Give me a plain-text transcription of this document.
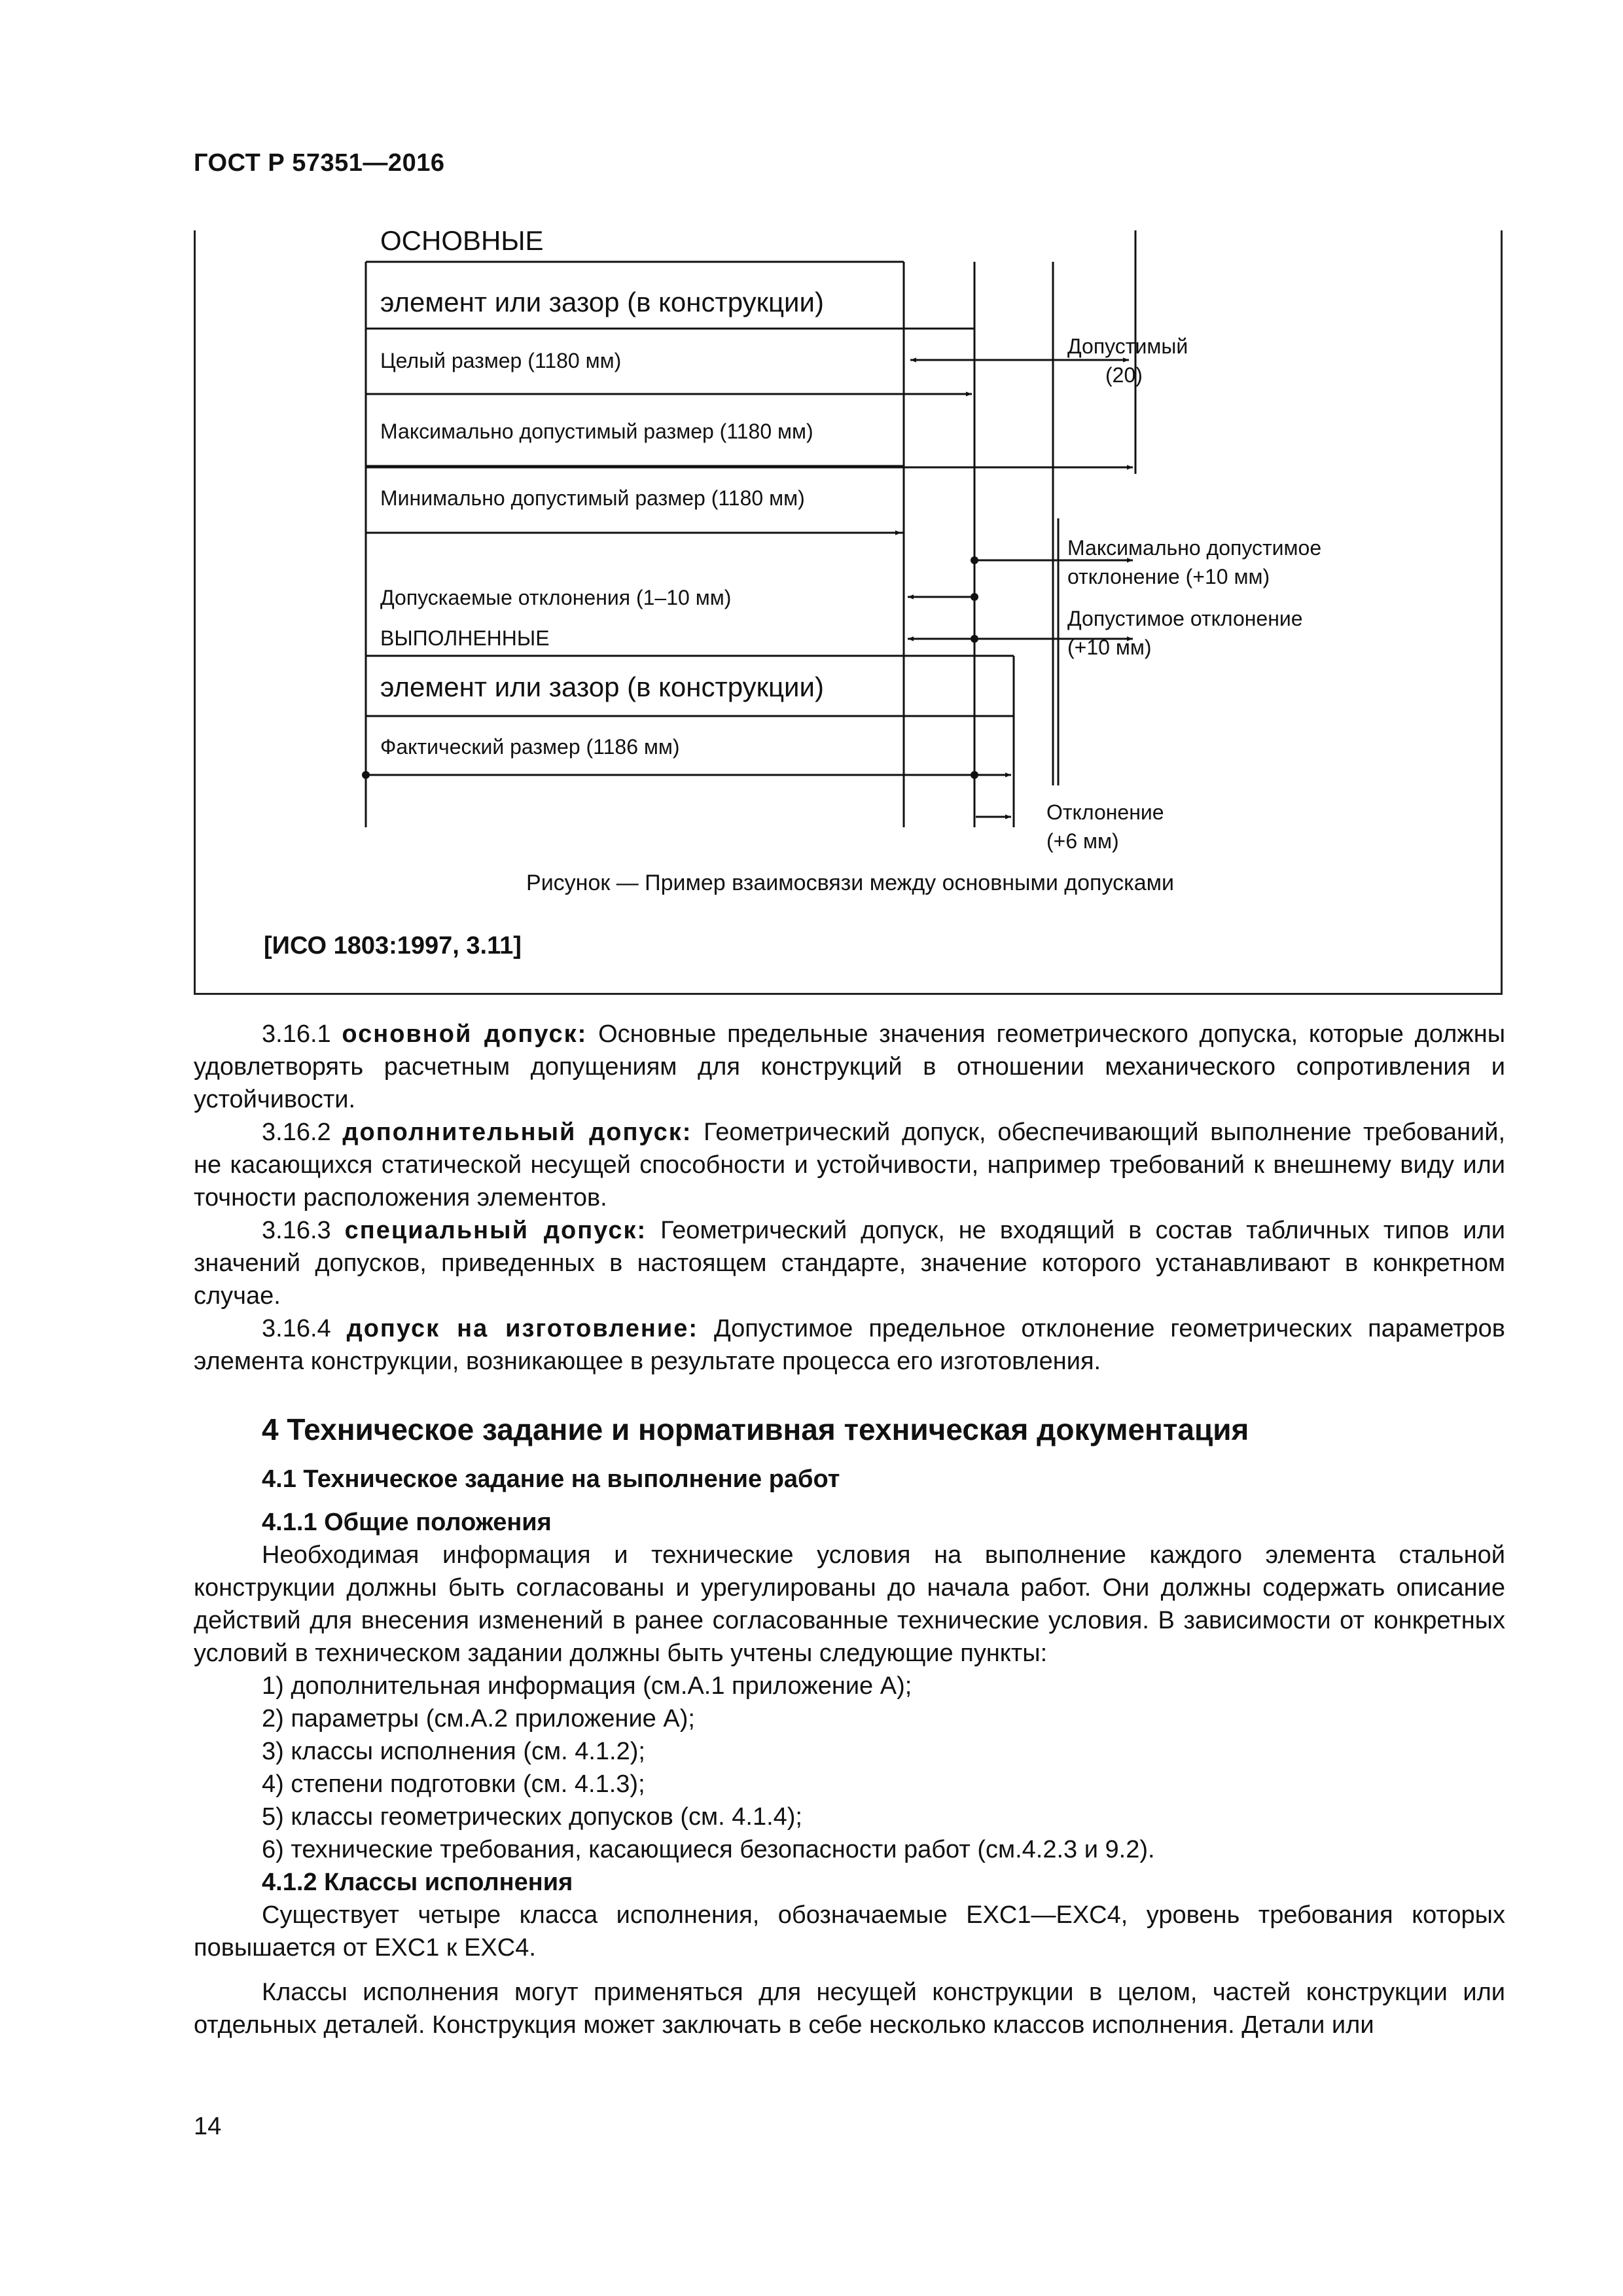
ГОСТ Р 57351—2016
ОСНОВНЫЕ
элемент или зазор (в конструкции)
Целый размер (1180 мм)
Максимально допустимый размер (1180 мм)
Минимально допустимый размер (1180 мм)
Допускаемые отклонения (1–10 мм)
ВЫПОЛНЕННЫЕ
элемент или зазор (в конструкции)
Фактический размер (1186 мм)
Допустимый
(20)
Максимально допустимое
отклонение (+10 мм)
Допустимое отклонение
(+10 мм)
Отклонение
(+6 мм)
Рисунок — Пример взаимосвязи между основными допусками
[ИСО 1803:1997, 3.11]

3.16.1 основной допуск: Основные предельные значения геометрического допуска, которые должны удовлетворять расчетным допущениям для конструкций в отношении механического сопротивления и устойчивости.

3.16.2 дополнительный допуск: Геометрический допуск, обеспечивающий выполнение требований, не касающихся статической несущей способности и устойчивости, например требований к внешнему виду или точности расположения элементов.

3.16.3 специальный допуск: Геометрический допуск, не входящий в состав табличных типов или значений допусков, приведенных в настоящем стандарте, значение которого устанавливают в конкретном случае.

3.16.4 допуск на изготовление: Допустимое предельное отклонение геометрических параметров элемента конструкции, возникающее в результате процесса его изготовления.

4 Техническое задание и нормативная техническая документация
4.1 Техническое задание на выполнение работ
4.1.1 Общие положения

Необходимая информация и технические условия на выполнение каждого элемента стальной конструкции должны быть согласованы и урегулированы до начала работ. Они должны содержать описание действий для внесения изменений в ранее согласованные технические условия. В зависимости от конкретных условий в техническом задании должны быть учтены следующие пункты:

1) дополнительная информация (см.А.1 приложение А);
2) параметры (см.А.2 приложение А);
3) классы исполнения (см. 4.1.2);
4) степени подготовки (см. 4.1.3);
5) классы геометрических допусков (см. 4.1.4);
6) технические требования, касающиеся безопасности работ (см.4.2.3 и 9.2).
4.1.2 Классы исполнения

Существует четыре класса исполнения, обозначаемые EXC1—EXC4, уровень требования которых повышается от EXC1 к EXC4.

Классы исполнения могут применяться для несущей конструкции в целом, частей конструкции или отдельных деталей. Конструкция может заключать в себе несколько классов исполнения. Детали или

14
